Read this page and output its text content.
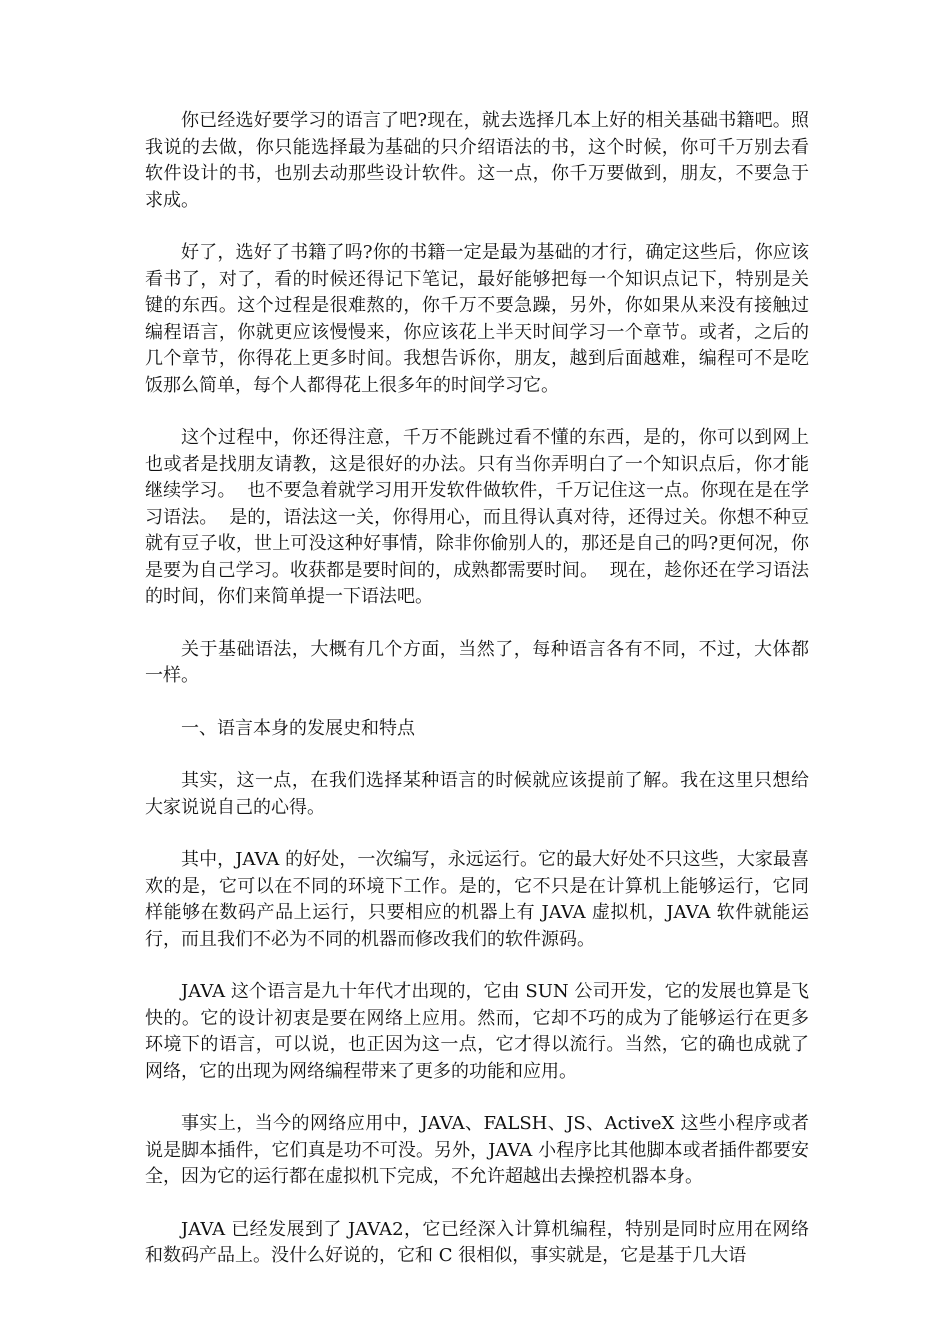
你已经选好要学习的语言了吧?现在，就去选择几本上好的相关基础书籍吧。照我说的去做，你只能选择最为基础的只介绍语法的书，这个时候，你可千万别去看软件设计的书，也别去动那些设计软件。这一点，你千万要做到，朋友，不要急于求成。

好了，选好了书籍了吗?你的书籍一定是最为基础的才行，确定这些后，你应该看书了，对了，看的时候还得记下笔记，最好能够把每一个知识点记下，特别是关键的东西。这个过程是很难熬的，你千万不要急躁，另外，你如果从来没有接触过编程语言，你就更应该慢慢来，你应该花上半天时间学习一个章节。或者，之后的几个章节，你得花上更多时间。我想告诉你，朋友，越到后面越难，编程可不是吃饭那么简单，每个人都得花上很多年的时间学习它。

这个过程中，你还得注意，千万不能跳过看不懂的东西，是的，你可以到网上也或者是找朋友请教，这是很好的办法。只有当你弄明白了一个知识点后，你才能继续学习。  也不要急着就学习用开发软件做软件，千万记住这一点。你现在是在学习语法。  是的，语法这一关，你得用心，而且得认真对待，还得过关。你想不种豆就有豆子收，世上可没这种好事情，除非你偷别人的，那还是自己的吗?更何况，你是要为自己学习。收获都是要时间的，成熟都需要时间。  现在，趁你还在学习语法的时间，你们来简单提一下语法吧。

关于基础语法，大概有几个方面，当然了，每种语言各有不同，不过，大体都一样。

一、语言本身的发展史和特点

其实，这一点，在我们选择某种语言的时候就应该提前了解。我在这里只想给大家说说自己的心得。

其中，JAVA 的好处，一次编写，永远运行。它的最大好处不只这些，大家最喜欢的是，它可以在不同的环境下工作。是的，它不只是在计算机上能够运行，它同样能够在数码产品上运行，只要相应的机器上有 JAVA 虚拟机，JAVA 软件就能运行，而且我们不必为不同的机器而修改我们的软件源码。

JAVA 这个语言是九十年代才出现的，它由 SUN 公司开发，它的发展也算是飞快的。它的设计初衷是要在网络上应用。然而，它却不巧的成为了能够运行在更多环境下的语言，可以说，也正因为这一点，它才得以流行。当然，它的确也成就了网络，它的出现为网络编程带来了更多的功能和应用。

事实上，当今的网络应用中，JAVA、FALSH、JS、ActiveX 这些小程序或者说是脚本插件，它们真是功不可没。另外，JAVA 小程序比其他脚本或者插件都要安全，因为它的运行都在虚拟机下完成，不允许超越出去操控机器本身。

JAVA 已经发展到了 JAVA2，它已经深入计算机编程，特别是同时应用在网络和数码产品上。没什么好说的，它和 C 很相似，事实就是，它是基于几大语
